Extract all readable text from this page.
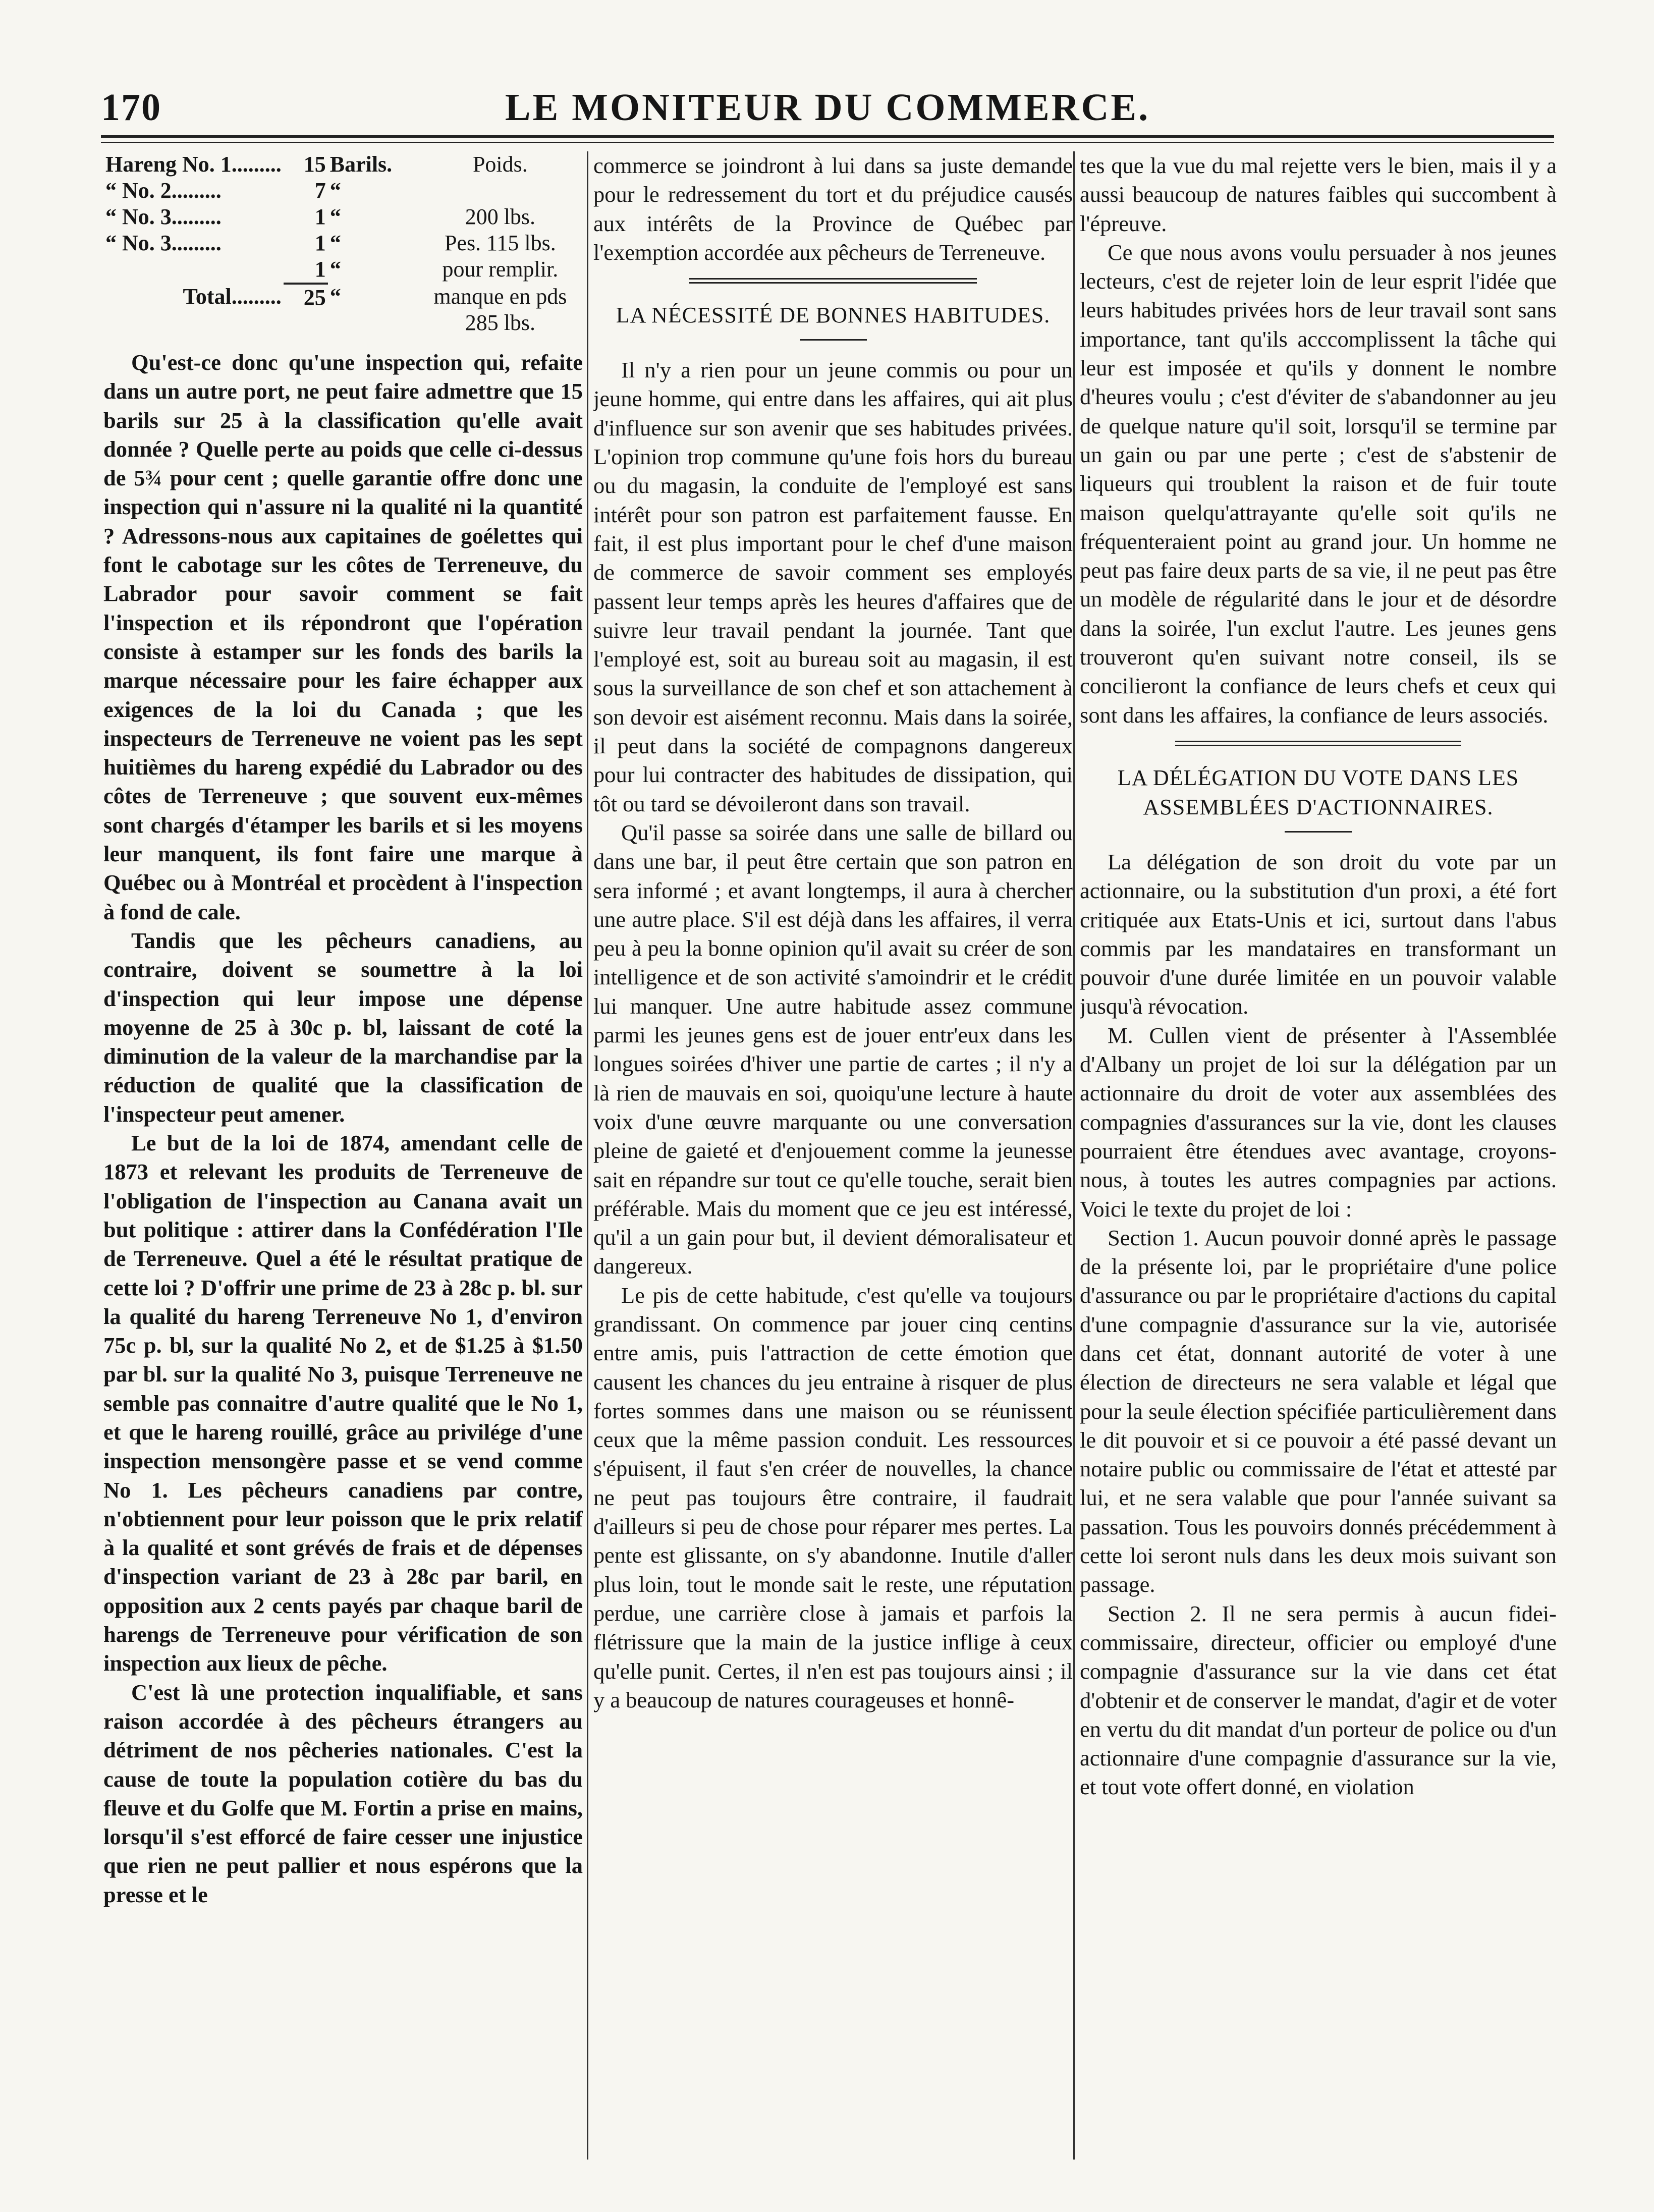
170	LE MONITEUR DU COMMERCE.
Hareng No. 1.........	15	Barils.	Poids.
“ No. 2.........	7	“	
“ No. 3.........	1	“	200 lbs.
“ No. 3.........	1	“	Pes. 115 lbs.
	1	“	pour remplir.
Total.........	25	“	manque en pds 285 lbs.

Qu'est-ce donc qu'une inspection qui, refaite dans un autre port, ne peut faire admettre que 15 barils sur 25 à la classification qu'elle avait donnée ? Quelle perte au poids que celle ci-dessus de 5¾ pour cent ; quelle garantie offre donc une inspection qui n'assure ni la qualité ni la quantité ? Adressons-nous aux capitaines de goélettes qui font le cabotage sur les côtes de Terreneuve, du Labrador pour savoir comment se fait l'inspection et ils répondront que l'opération consiste à estamper sur les fonds des barils la marque nécessaire pour les faire échapper aux exigences de la loi du Canada ; que les inspecteurs de Terreneuve ne voient pas les sept huitièmes du hareng expédié du Labrador ou des côtes de Terreneuve ; que souvent eux-mêmes sont chargés d'étamper les barils et si les moyens leur manquent, ils font faire une marque à Québec ou à Montréal et procèdent à l'inspection à fond de cale.

Tandis que les pêcheurs canadiens, au contraire, doivent se soumettre à la loi d'inspection qui leur impose une dépense moyenne de 25 à 30c p. bl, laissant de coté la diminution de la valeur de la marchandise par la réduction de qualité que la classification de l'inspecteur peut amener.

Le but de la loi de 1874, amendant celle de 1873 et relevant les produits de Terreneuve de l'obligation de l'inspection au Canana avait un but politique : attirer dans la Confédération l'Ile de Terreneuve. Quel a été le résultat pratique de cette loi ? D'offrir une prime de 23 à 28c p. bl. sur la qualité du hareng Terreneuve No 1, d'environ 75c p. bl, sur la qualité No 2, et de $1.25 à $1.50 par bl. sur la qualité No 3, puisque Terreneuve ne semble pas connaitre d'autre qualité que le No 1, et que le hareng rouillé, grâce au privilége d'une inspection mensongère passe et se vend comme No 1. Les pêcheurs canadiens par contre, n'obtiennent pour leur poisson que le prix relatif à la qualité et sont grévés de frais et de dépenses d'inspection variant de 23 à 28c par baril, en opposition aux 2 cents payés par chaque baril de harengs de Terreneuve pour vérification de son inspection aux lieux de pêche.

C'est là une protection inqualifiable, et sans raison accordée à des pêcheurs étrangers au détriment de nos pêcheries nationales. C'est la cause de toute la population cotière du bas du fleuve et du Golfe que M. Fortin a prise en mains, lorsqu'il s'est efforcé de faire cesser une injustice que rien ne peut pallier et nous espérons que la presse et le

commerce se joindront à lui dans sa juste demande pour le redressement du tort et du préjudice causés aux intérêts de la Province de Québec par l'exemption accordée aux pêcheurs de Terreneuve.

LA NÉCESSITÉ DE BONNES HABITUDES.

Il n'y a rien pour un jeune commis ou pour un jeune homme, qui entre dans les affaires, qui ait plus d'influence sur son avenir que ses habitudes privées. L'opinion trop commune qu'une fois hors du bureau ou du magasin, la conduite de l'employé est sans intérêt pour son patron est parfaitement fausse. En fait, il est plus important pour le chef d'une maison de commerce de savoir comment ses employés passent leur temps après les heures d'affaires que de suivre leur travail pendant la journée. Tant que l'employé est, soit au bureau soit au magasin, il est sous la surveillance de son chef et son attachement à son devoir est aisément reconnu. Mais dans la soirée, il peut dans la société de compagnons dangereux pour lui contracter des habitudes de dissipation, qui tôt ou tard se dévoileront dans son travail.

Qu'il passe sa soirée dans une salle de billard ou dans une bar, il peut être certain que son patron en sera informé ; et avant longtemps, il aura à chercher une autre place. S'il est déjà dans les affaires, il verra peu à peu la bonne opinion qu'il avait su créer de son intelligence et de son activité s'amoindrir et le crédit lui manquer. Une autre habitude assez commune parmi les jeunes gens est de jouer entr'eux dans les longues soirées d'hiver une partie de cartes ; il n'y a là rien de mauvais en soi, quoiqu'une lecture à haute voix d'une œuvre marquante ou une conversation pleine de gaieté et d'enjouement comme la jeunesse sait en répandre sur tout ce qu'elle touche, serait bien préférable. Mais du moment que ce jeu est intéressé, qu'il a un gain pour but, il devient démoralisateur et dangereux.

Le pis de cette habitude, c'est qu'elle va toujours grandissant. On commence par jouer cinq centins entre amis, puis l'attraction de cette émotion que causent les chances du jeu entraine à risquer de plus fortes sommes dans une maison ou se réunissent ceux que la même passion conduit. Les ressources s'épuisent, il faut s'en créer de nouvelles, la chance ne peut pas toujours être contraire, il faudrait d'ailleurs si peu de chose pour réparer mes pertes. La pente est glissante, on s'y abandonne. Inutile d'aller plus loin, tout le monde sait le reste, une réputation perdue, une carrière close à jamais et parfois la flétrissure que la main de la justice inflige à ceux qu'elle punit. Certes, il n'en est pas toujours ainsi ; il y a beaucoup de natures courageuses et honnê-

tes que la vue du mal rejette vers le bien, mais il y a aussi beaucoup de natures faibles qui succombent à l'épreuve.

Ce que nous avons voulu persuader à nos jeunes lecteurs, c'est de rejeter loin de leur esprit l'idée que leurs habitudes privées hors de leur travail sont sans importance, tant qu'ils acccomplissent la tâche qui leur est imposée et qu'ils y donnent le nombre d'heures voulu ; c'est d'éviter de s'abandonner au jeu de quelque nature qu'il soit, lorsqu'il se termine par un gain ou par une perte ; c'est de s'abstenir de liqueurs qui troublent la raison et de fuir toute maison quelqu'attrayante qu'elle soit qu'ils ne fréquenteraient point au grand jour. Un homme ne peut pas faire deux parts de sa vie, il ne peut pas être un modèle de régularité dans le jour et de désordre dans la soirée, l'un exclut l'autre. Les jeunes gens trouveront qu'en suivant notre conseil, ils se concilieront la confiance de leurs chefs et ceux qui sont dans les affaires, la confiance de leurs associés.

LA DÉLÉGATION DU VOTE DANS LES ASSEMBLÉES D'ACTIONNAIRES.

La délégation de son droit du vote par un actionnaire, ou la substitution d'un proxi, a été fort critiquée aux Etats-Unis et ici, surtout dans l'abus commis par les mandataires en transformant un pouvoir d'une durée limitée en un pouvoir valable jusqu'à révocation.

M. Cullen vient de présenter à l'Assemblée d'Albany un projet de loi sur la délégation par un actionnaire du droit de voter aux assemblées des compagnies d'assurances sur la vie, dont les clauses pourraient être étendues avec avantage, croyons-nous, à toutes les autres compagnies par actions. Voici le texte du projet de loi :

Section 1. Aucun pouvoir donné après le passage de la présente loi, par le propriétaire d'une police d'assurance ou par le propriétaire d'actions du capital d'une compagnie d'assurance sur la vie, autorisée dans cet état, donnant autorité de voter à une élection de directeurs ne sera valable et légal que pour la seule élection spécifiée particulièrement dans le dit pouvoir et si ce pouvoir a été passé devant un notaire public ou commissaire de l'état et attesté par lui, et ne sera valable que pour l'année suivant sa passation. Tous les pouvoirs donnés précédemment à cette loi seront nuls dans les deux mois suivant son passage.

Section 2. Il ne sera permis à aucun fidei-commissaire, directeur, officier ou employé d'une compagnie d'assurance sur la vie dans cet état d'obtenir et de conserver le mandat, d'agir et de voter en vertu du dit mandat d'un porteur de police ou d'un actionnaire d'une compagnie d'assurance sur la vie, et tout vote offert donné, en violation
